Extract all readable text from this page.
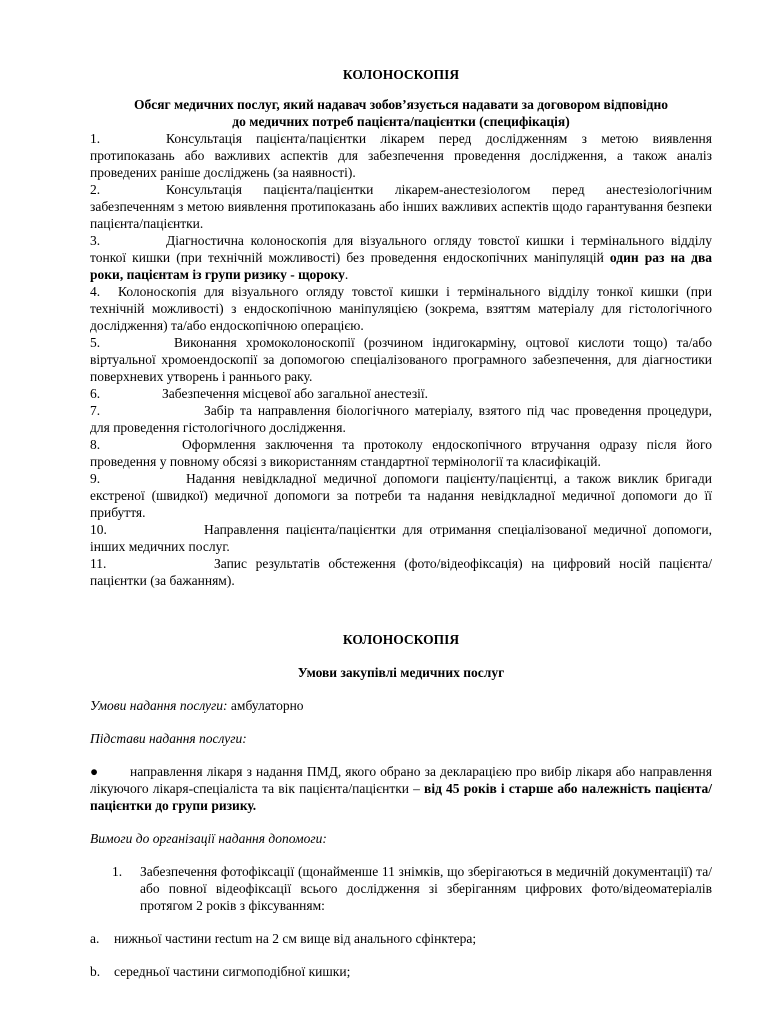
КОЛОНОСКОПІЯ

Обсяг медичних послуг, який надавач зобов’язується надавати за договором відповідно
до медичних потреб пацієнта/пацієнтки (специфікація)

1.	Консультація пацієнта/пацієнтки лікарем перед дослідженням з метою виявлення протипоказань або важливих аспектів для забезпечення проведення дослідження, а також аналіз проведених раніше досліджень (за наявності).

2.	Консультація пацієнта/пацієнтки лікарем-анестезіологом перед анестезіологічним забезпеченням з метою виявлення протипоказань або інших важливих аспектів щодо гарантування безпеки пацієнта/пацієнтки.

3.	Діагностична колоноскопія для візуального огляду товстої кишки і термінального відділу тонкої кишки (при технічній можливості) без проведення ендоскопічних маніпуляцій один раз на два роки, пацієнтам із групи ризику - щороку.

4. Колоноскопія для візуального огляду товстої кишки і термінального відділу тонкої кишки (при технічній можливості) з ендоскопічною маніпуляцією (зокрема, взяттям матеріалу для гістологічного дослідження) та/або ендоскопічною операцією.

5.	Виконання хромоколоноскопії (розчином індигокарміну, оцтової кислоти тощо) та/або віртуальної хромоендоскопії за допомогою спеціалізованого програмного забезпечення, для діагностики поверхневих утворень і раннього раку.

6.	Забезпечення місцевої або загальної анестезії.

7.	Забір та направлення біологічного матеріалу, взятого під час проведення процедури, для проведення гістологічного дослідження.

8.	Оформлення заключення та протоколу ендоскопічного втручання одразу після його проведення у повному обсязі з використанням стандартної термінології та класифікацій.

9.	Надання невідкладної медичної допомоги пацієнту/пацієнтці, а також виклик бригади екстреної (швидкої) медичної допомоги за потреби та надання невідкладної медичної допомоги до її прибуття.

10.	Направлення пацієнта/пацієнтки для отримання спеціалізованої медичної допомоги, інших медичних послуг.

11.	Запис результатів обстеження (фото/відеофіксація) на цифровий носій пацієнта/пацієнтки (за бажанням).

КОЛОНОСКОПІЯ

Умови закупівлі медичних послуг

Умови надання послуги: амбулаторно

Підстави надання послуги:

● направлення лікаря з надання ПМД, якого обрано за декларацією про вибір лікаря або направлення лікуючого лікаря-спеціаліста та вік пацієнта/пацієнтки – від 45 років і старше або належність пацієнта/пацієнтки до групи ризику.

Вимоги до організації надання допомоги:

1. Забезпечення фотофіксації (щонайменше 11 знімків, що зберігаються в медичній документації) та/або повної відеофіксації всього дослідження зі зберіганням цифрових фото/відеоматеріалів протягом 2 років з фіксуванням:

a. нижньої частини rectum на 2 см вище від анального сфінктера;

b. середньої частини сигмоподібної кишки;
